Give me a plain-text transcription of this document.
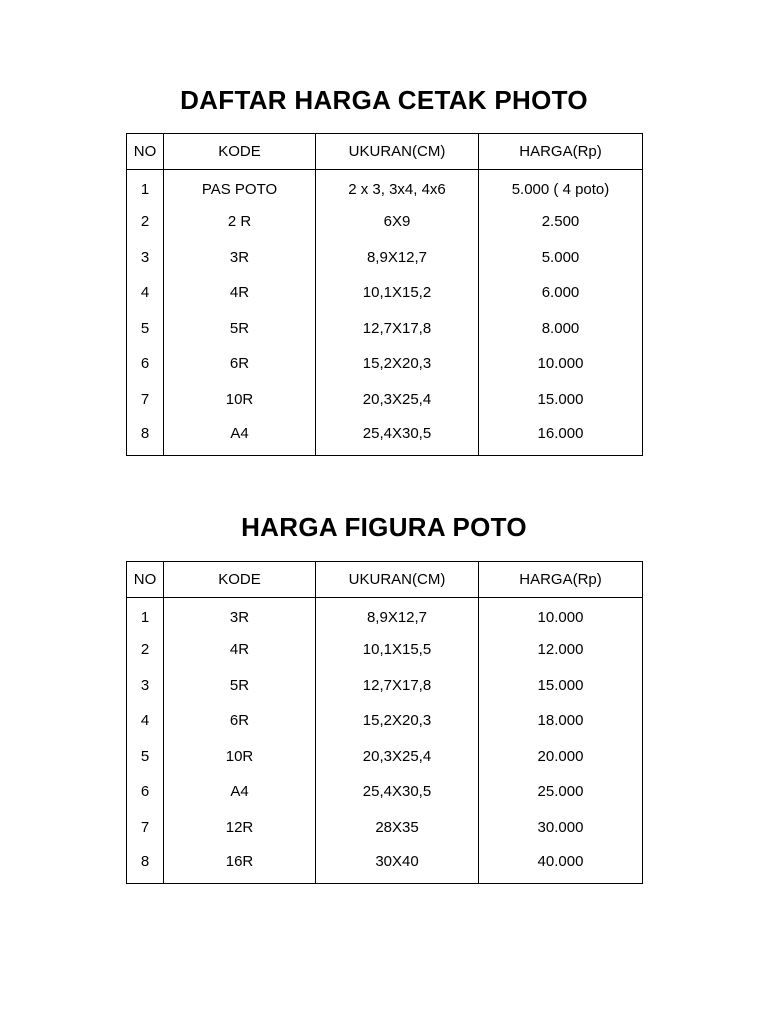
DAFTAR HARGA CETAK PHOTO
NO	KODE	UKURAN(CM)	HARGA(Rp)
1	PAS POTO	2 x 3, 3x4, 4x6	5.000 ( 4 poto)
2	2 R	6X9	2.500
3	3R	8,9X12,7	5.000
4	4R	10,1X15,2	6.000
5	5R	12,7X17,8	8.000
6	6R	15,2X20,3	10.000
7	10R	20,3X25,4	15.000
8	A4	25,4X30,5	16.000
HARGA FIGURA POTO
NO	KODE	UKURAN(CM)	HARGA(Rp)
1	3R	8,9X12,7	10.000
2	4R	10,1X15,5	12.000
3	5R	12,7X17,8	15.000
4	6R	15,2X20,3	18.000
5	10R	20,3X25,4	20.000
6	A4	25,4X30,5	25.000
7	12R	28X35	30.000
8	16R	30X40	40.000
